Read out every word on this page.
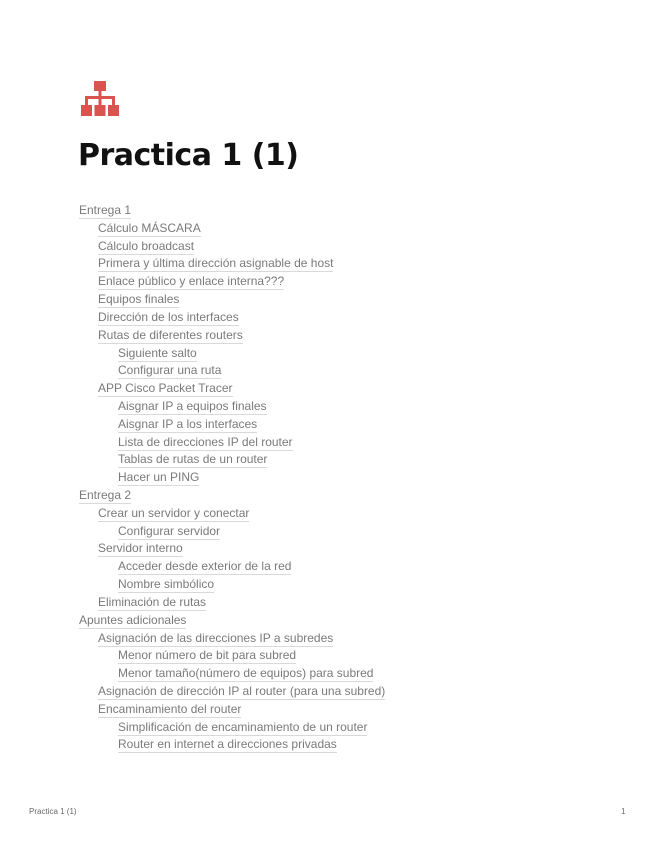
Practica 1 (1)
Entrega 1
Cálculo MÁSCARA
Cálculo broadcast
Primera y última dirección asignable de host
Enlace público y enlace interna???
Equipos finales
Dirección de los interfaces
Rutas de diferentes routers
Siguiente salto
Configurar una ruta
APP Cisco Packet Tracer
Aisgnar IP a equipos finales
Aisgnar IP a los interfaces
Lista de direcciones IP del router
Tablas de rutas de un router
Hacer un PING
Entrega 2
Crear un servidor y conectar
Configurar servidor
Servidor interno
Acceder desde exterior de la red
Nombre simbólico
Eliminación de rutas
Apuntes adicionales
Asignación de las direcciones IP a subredes
Menor número de bit para subred
Menor tamaño(número de equipos) para subred
Asignación de dirección IP al router (para una subred)
Encaminamiento del router
Simplificación de encaminamiento de un router
Router en internet a direcciones privadas
Practica 1 (1)	1
